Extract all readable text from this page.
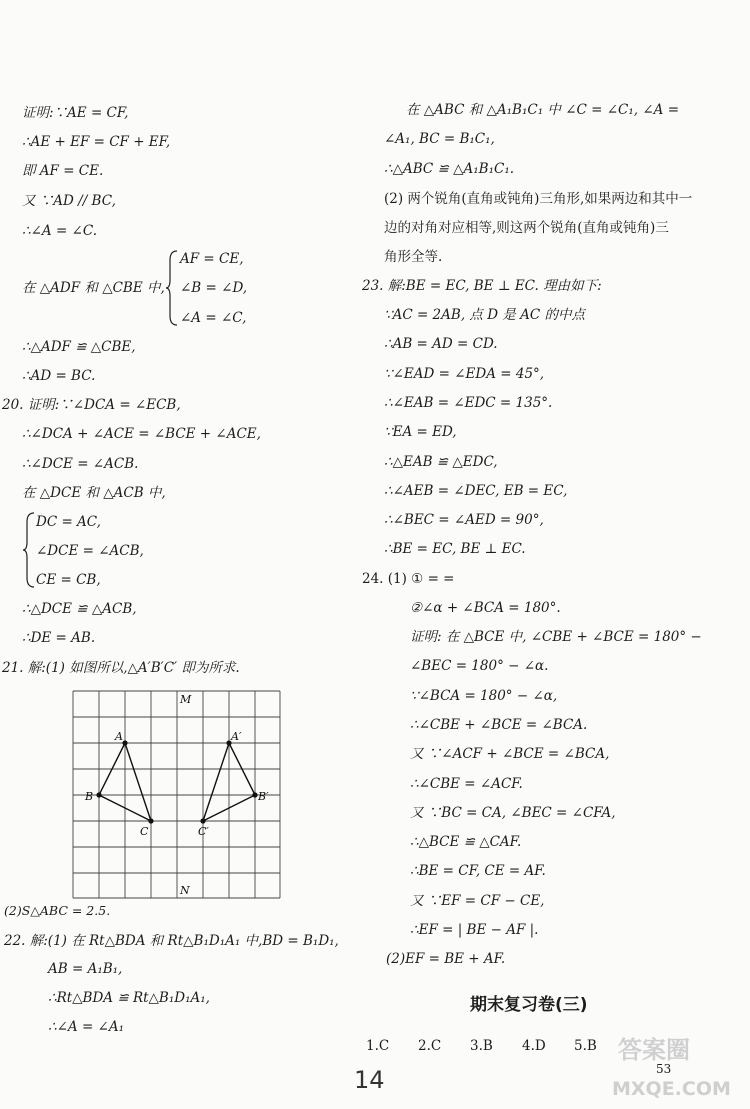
证明:∵AE = CF,
∴AE + EF = CF + EF,
即 AF = CE.
又 ∵AD // BC,
∴∠A = ∠C.
在 △ADF 和 △CBE 中,
AF = CE,
∠B = ∠D,
∠A = ∠C,
∴△ADF ≌ △CBE,
∴AD = BC.
20. 证明:∵∠DCA = ∠ECB,
∴∠DCA + ∠ACE = ∠BCE + ∠ACE,
∴∠DCE = ∠ACB.
在 △DCE 和 △ACB 中,
DC = AC,
∠DCE = ∠ACB,
CE = CB,
∴△DCE ≌ △ACB,
∴DE = AB.
21. 解:(1) 如图所以,△A′B′C′ 即为所求.
M
N
A
B
C
A′
B′
C′
(2)S△ABC = 2.5.
22. 解:(1) 在 Rt△BDA 和 Rt△B₁D₁A₁ 中,BD = B₁D₁,
AB = A₁B₁,
∴Rt△BDA ≌ Rt△B₁D₁A₁,
∴∠A = ∠A₁
在 △ABC 和 △A₁B₁C₁ 中 ∠C = ∠C₁, ∠A =
∠A₁, BC = B₁C₁,
∴△ABC ≌ △A₁B₁C₁.
(2) 两个锐角(直角或钝角)三角形,如果两边和其中一
边的对角对应相等,则这两个锐角(直角或钝角)三
角形全等.
23. 解:BE = EC, BE ⊥ EC. 理由如下:
∵AC = 2AB, 点 D 是 AC 的中点
∴AB = AD = CD.
∵∠EAD = ∠EDA = 45°,
∴∠EAB = ∠EDC = 135°.
∵EA = ED,
∴△EAB ≌ △EDC,
∴∠AEB = ∠DEC, EB = EC,
∴∠BEC = ∠AED = 90°,
∴BE = EC, BE ⊥ EC.
24. (1) ① = =
②∠α + ∠BCA = 180°.
证明: 在 △BCE 中, ∠CBE + ∠BCE = 180° −
∠BEC = 180° − ∠α.
∵∠BCA = 180° − ∠α,
∴∠CBE + ∠BCE = ∠BCA.
又 ∵∠ACF + ∠BCE = ∠BCA,
∴∠CBE = ∠ACF.
又 ∵BC = CA, ∠BEC = ∠CFA,
∴△BCE ≌ △CAF.
∴BE = CF, CE = AF.
又 ∵EF = CF − CE,
∴EF = | BE − AF |.
(2)EF = BE + AF.
期末复习卷(三)
1.C 2.C 3.B 4.D 5.B
14	53
答案圈
MXQE.COM
